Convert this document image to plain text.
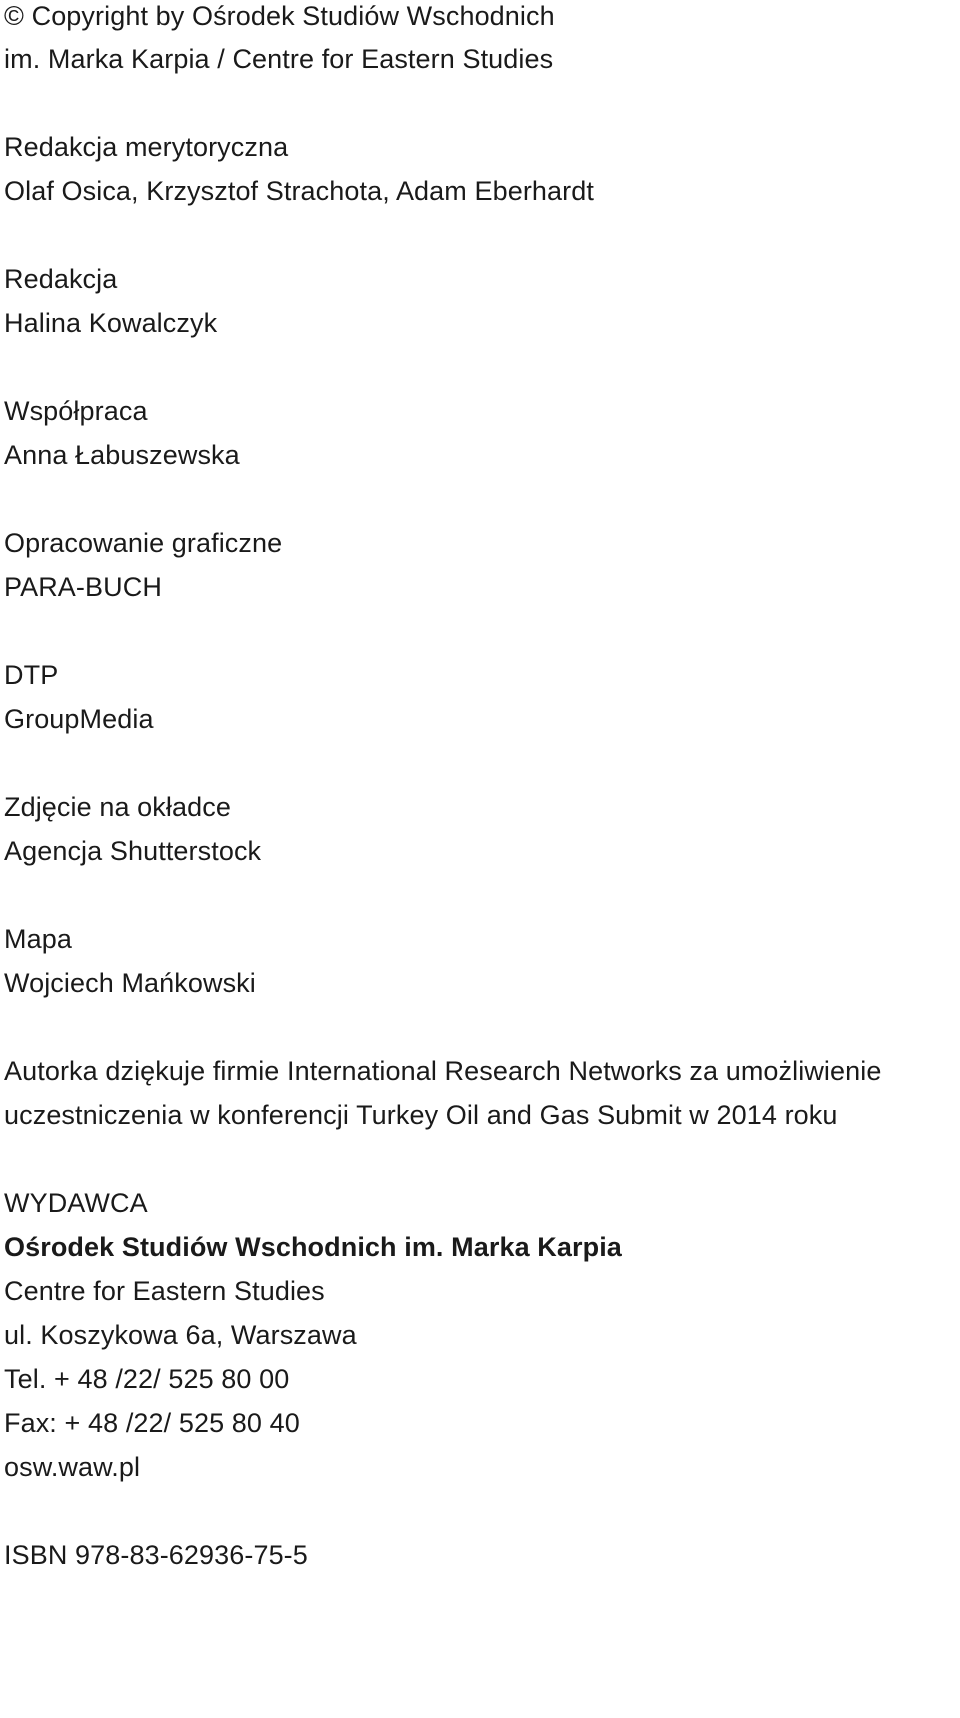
© Copyright by Ośrodek Studiów Wschodnich
im. Marka Karpia / Centre for Eastern Studies
Redakcja merytoryczna
Olaf Osica, Krzysztof Strachota, Adam Eberhardt
Redakcja
Halina Kowalczyk
Współpraca
Anna Łabuszewska
Opracowanie graficzne
PARA-BUCH
DTP
GroupMedia
Zdjęcie na okładce
Agencja Shutterstock
Mapa
Wojciech Mańkowski
Autorka dziękuje firmie International Research Networks za umożliwienie
uczestniczenia w konferencji Turkey Oil and Gas Submit w 2014 roku
WYDAWCA
Ośrodek Studiów Wschodnich im. Marka Karpia
Centre for Eastern Studies
ul. Koszykowa 6a, Warszawa
Tel. + 48 /22/ 525 80 00
Fax: + 48 /22/ 525 80 40
osw.waw.pl
ISBN 978-83-62936-75-5
